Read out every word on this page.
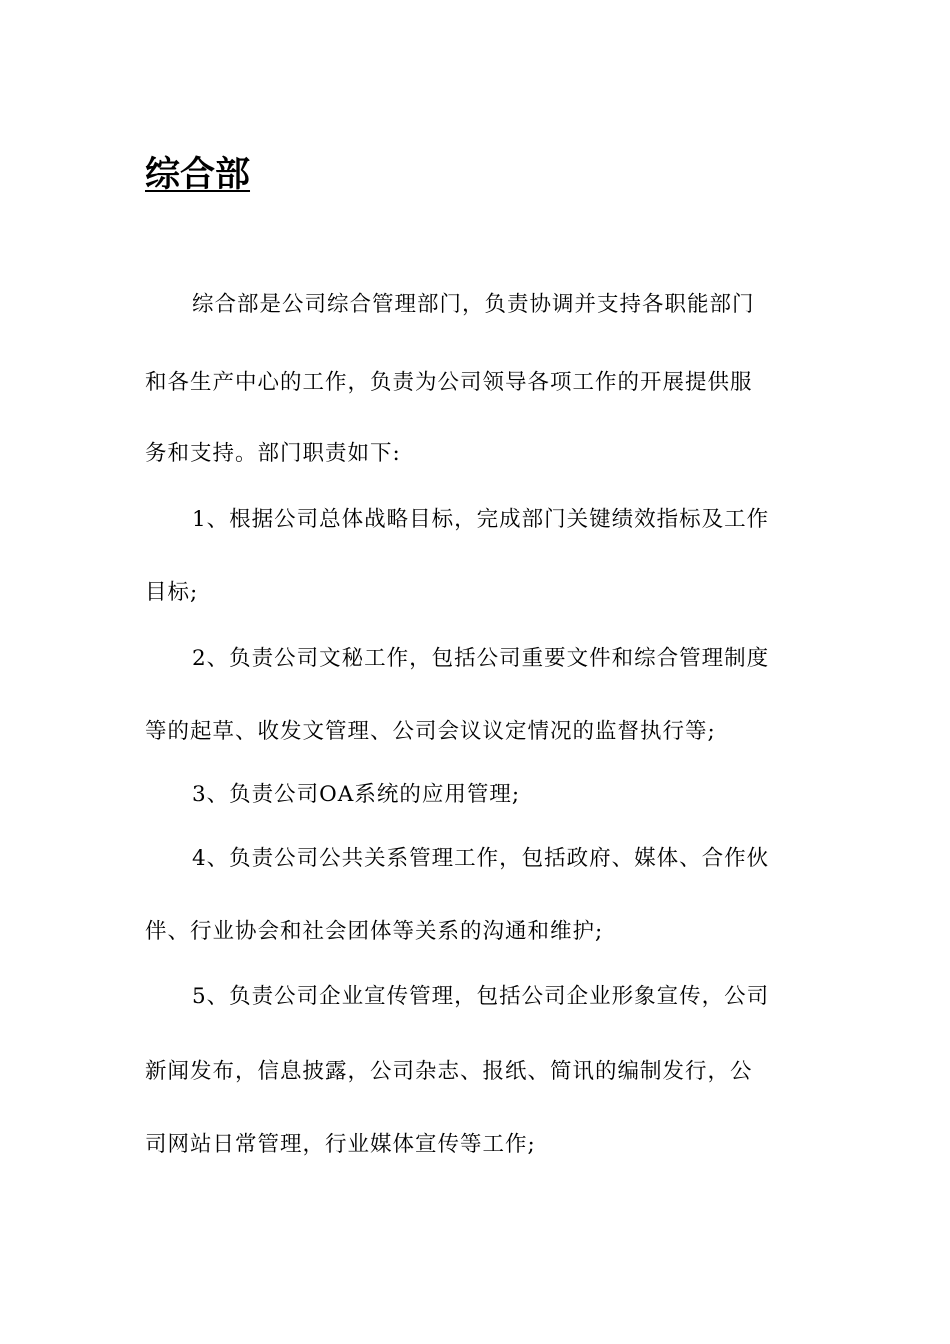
综合部

综合部是公司综合管理部门，负责协调并支持各职能部门

和各生产中心的工作，负责为公司领导各项工作的开展提供服

务和支持。部门职责如下:

1、根据公司总体战略目标，完成部门关键绩效指标及工作

目标;

2、负责公司文秘工作，包括公司重要文件和综合管理制度

等的起草、收发文管理、公司会议议定情况的监督执行等;

3、负责公司OA系统的应用管理;

4、负责公司公共关系管理工作，包括政府、媒体、合作伙

伴、行业协会和社会团体等关系的沟通和维护;

5、负责公司企业宣传管理，包括公司企业形象宣传，公司

新闻发布，信息披露，公司杂志、报纸、简讯的编制发行，公

司网站日常管理，行业媒体宣传等工作;
